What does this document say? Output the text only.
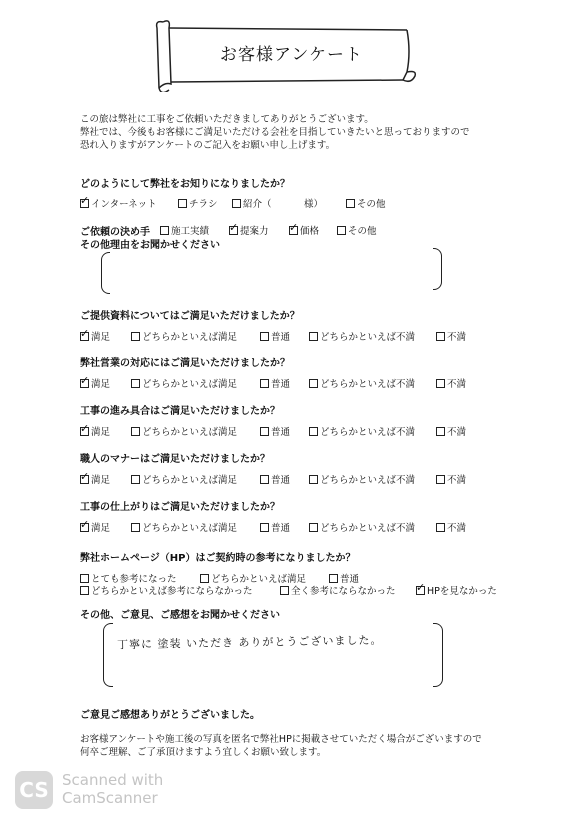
お客様アンケート
この旅は弊社に工事をご依頼いただきましてありがとうございます。
弊社では、今後もお客様にご満足いただける会社を目指していきたいと思っておりますので
恐れ入りますがアンケートのご記入をお願い申し上げます。
どのようにして弊社をお知りになりましたか？
✓
インターネット	チラシ	紹介（	様）	その他
ご依頼の決め手 施工実績 ✓	提案力 ✓	価格	その他
その他理由をお聞かせください
ご提供資料についてはご満足いただけましたか？
✓
満足	どちらかといえば満足	普通	どちらかといえば不満	不満
弊社営業の対応にはご満足いただけましたか？
✓
満足	どちらかといえば満足	普通	どちらかといえば不満	不満
工事の進み具合はご満足いただけましたか？
✓
満足	どちらかといえば満足	普通	どちらかといえば不満	不満
職人のマナーはご満足いただけましたか？
✓
満足	どちらかといえば満足	普通	どちらかといえば不満	不満
工事の仕上がりはご満足いただけましたか？
✓
満足	どちらかといえば満足	普通	どちらかといえば不満	不満
弊社ホームページ（HP）はご契約時の参考になりましたか？
とても参考になった	どちらかといえば満足	普通
どちらかといえば参考にならなかった	全く参考にならなかった ✓	HPを見なかった
その他、ご意見、ご感想をお聞かせください
丁寧に 塗装 いただき ありがとうございました。
ご意見ご感想ありがとうございました。
お客様アンケートや施工後の写真を匿名で弊社HPに掲載させていただく場合がございますので
何卒ご理解、ご了承頂けますよう宜しくお願い致します。
CS Scanned with
CamScanner
